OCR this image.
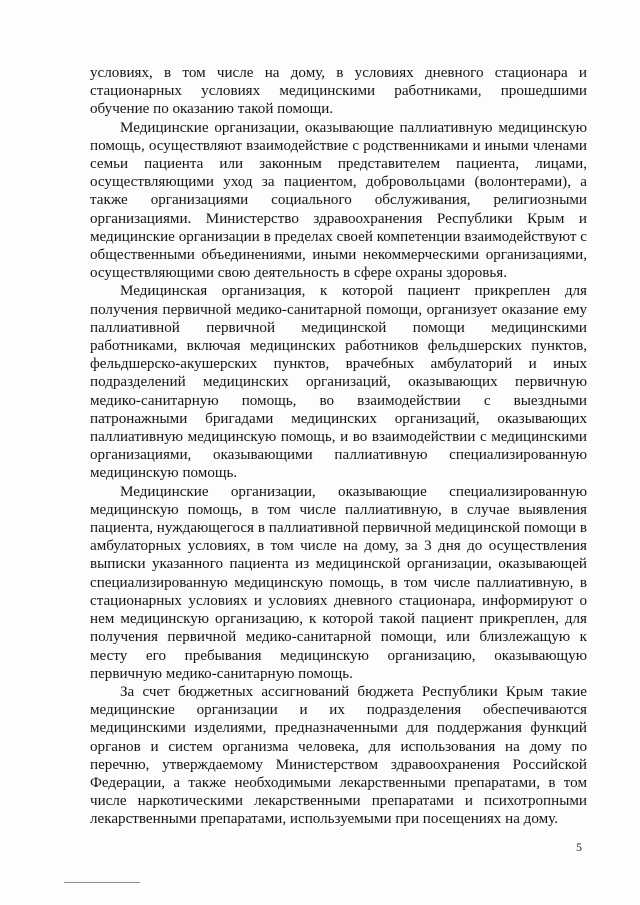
условиях, в том числе на дому, в условиях дневного стационара и стационарных условиях медицинскими работниками, прошедшими обучение по оказанию такой помощи.

Медицинские организации, оказывающие паллиативную медицинскую помощь, осуществляют взаимодействие с родственниками и иными членами семьи пациента или законным представителем пациента, лицами, осуществляющими уход за пациентом, добровольцами (волонтерами), а также организациями социального обслуживания, религиозными организациями. Министерство здравоохранения Республики Крым и медицинские организации в пределах своей компетенции взаимодействуют с общественными объединениями, иными некоммерческими организациями, осуществляющими свою деятельность в сфере охраны здоровья.

Медицинская организация, к которой пациент прикреплен для получения первичной медико-санитарной помощи, организует оказание ему паллиативной первичной медицинской помощи медицинскими работниками, включая медицинских работников фельдшерских пунктов, фельдшерско-акушерских пунктов, врачебных амбулаторий и иных подразделений медицинских организаций, оказывающих первичную медико-санитарную помощь, во взаимодействии с выездными патронажными бригадами медицинских организаций, оказывающих паллиативную медицинскую помощь, и во взаимодействии с медицинскими организациями, оказывающими паллиативную специализированную медицинскую помощь.

Медицинские организации, оказывающие специализированную медицинскую помощь, в том числе паллиативную, в случае выявления пациента, нуждающегося в паллиативной первичной медицинской помощи в амбулаторных условиях, в том числе на дому, за 3 дня до осуществления выписки указанного пациента из медицинской организации, оказывающей специализированную медицинскую помощь, в том числе паллиативную, в стационарных условиях и условиях дневного стационара, информируют о нем медицинскую организацию, к которой такой пациент прикреплен, для получения первичной медико-санитарной помощи, или близлежащую к месту его пребывания медицинскую организацию, оказывающую первичную медико-санитарную помощь.

За счет бюджетных ассигнований бюджета Республики Крым такие медицинские организации и их подразделения обеспечиваются медицинскими изделиями, предназначенными для поддержания функций органов и систем организма человека, для использования на дому по перечню, утверждаемому Министерством здравоохранения Российской Федерации, а также необходимыми лекарственными препаратами, в том числе наркотическими лекарственными препаратами и психотропными лекарственными препаратами, используемыми при посещениях на дому.

5
